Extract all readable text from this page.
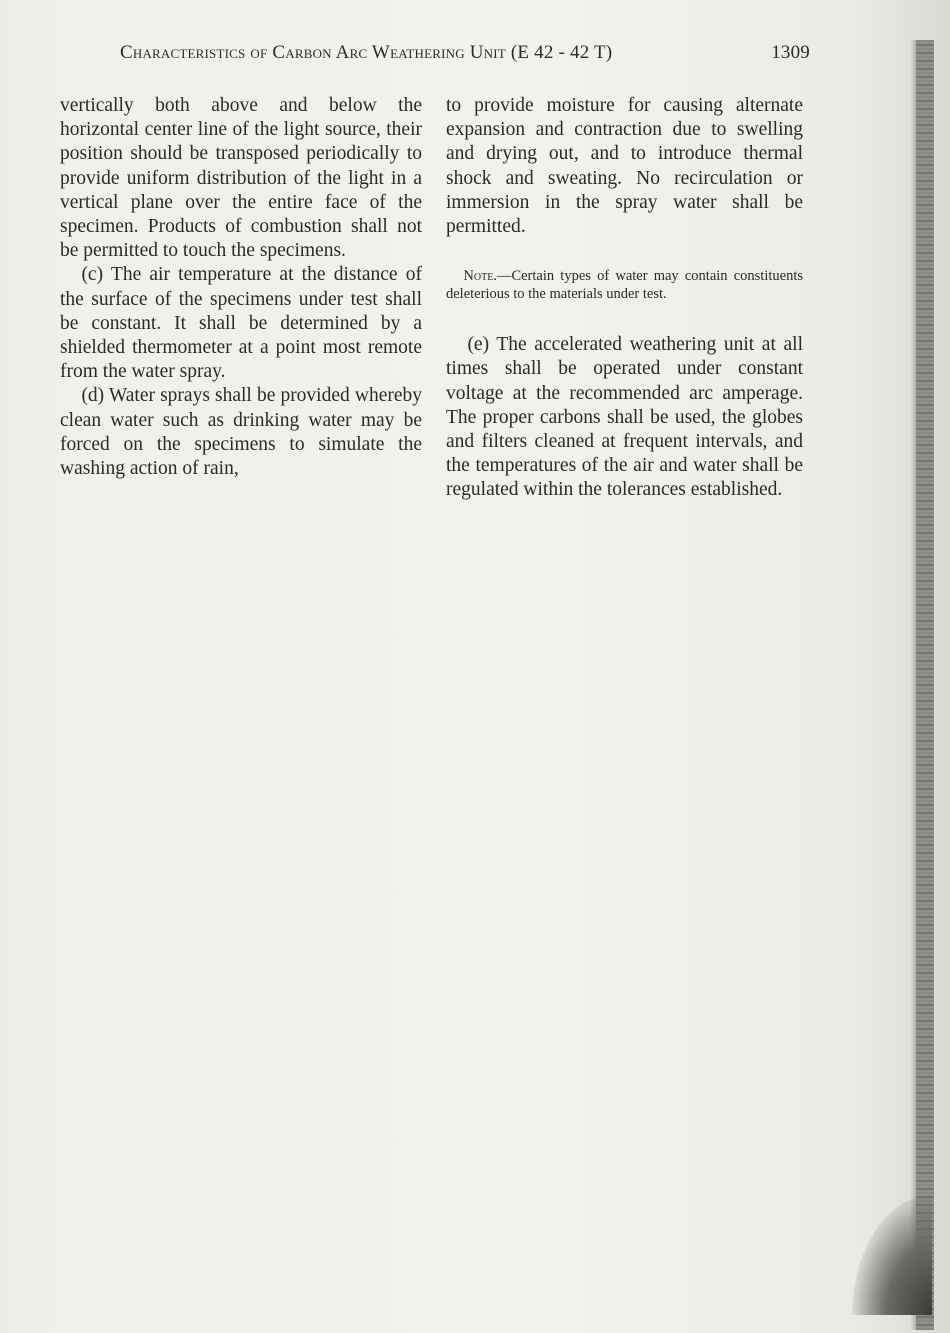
Characteristics of Carbon Arc Weathering Unit (E 42 - 42 T)	1309

vertically both above and below the horizontal center line of the light source, their position should be transposed periodically to provide uniform distribution of the light in a vertical plane over the entire face of the specimen. Products of combustion shall not be permitted to touch the specimens.

(c) The air temperature at the distance of the surface of the specimens under test shall be constant. It shall be determined by a shielded thermometer at a point most remote from the water spray.

(d) Water sprays shall be provided whereby clean water such as drinking water may be forced on the specimens to simulate the washing action of rain,

to provide moisture for causing alternate expansion and contraction due to swelling and drying out, and to introduce thermal shock and sweating. No recirculation or immersion in the spray water shall be permitted.

Note.—Certain types of water may contain constituents deleterious to the materials under test.

(e) The accelerated weathering unit at all times shall be operated under constant voltage at the recommended arc amperage. The proper carbons shall be used, the globes and filters cleaned at frequent intervals, and the temperatures of the air and water shall be regulated within the tolerances established.
